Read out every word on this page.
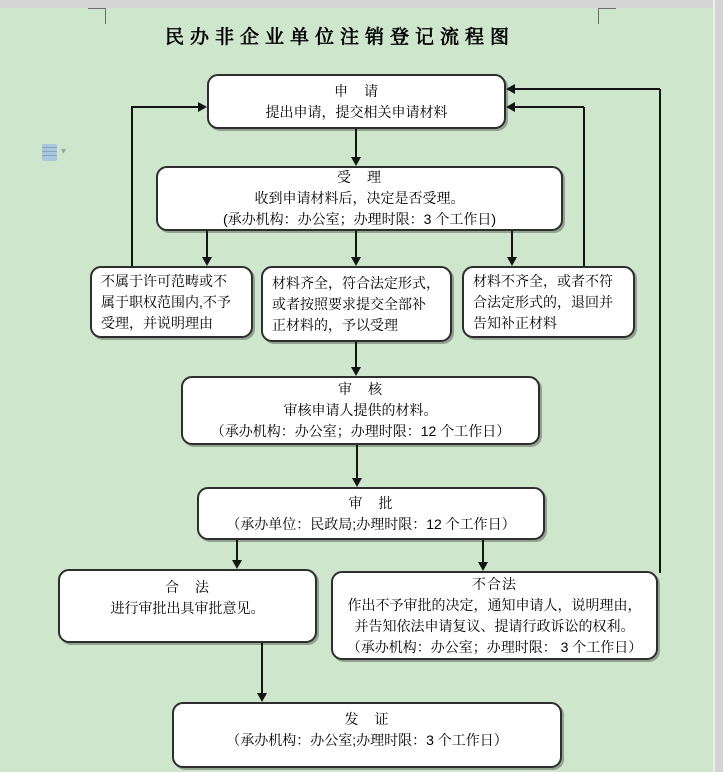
民办非企业单位注销登记流程图
▾
申　请
提出申请，提交相关申请材料
受　理
收到申请材料后，决定是否受理。
(承办机构：办公室；办理时限：3 个工作日)
不属于许可范畴或不
属于职权范围内,不予
受理，并说明理由
材料齐全，符合法定形式，
或者按照要求提交全部补
正材料的，予以受理
材料不齐全，或者不符
合法定形式的，退回并
告知补正材料
审　核
审核申请人提供的材料。
（承办机构：办公室；办理时限：12 个工作日）
审　批
（承办单位：民政局;办理时限：12 个工作日）
合　法
进行审批出具审批意见。
不合法
作出不予审批的决定，通知申请人，说明理由，
并告知依法申请复议、提请行政诉讼的权利。
（承办机构：办公室；办理时限： 3 个工作日）
发　证
（承办机构：办公室;办理时限：3 个工作日）
